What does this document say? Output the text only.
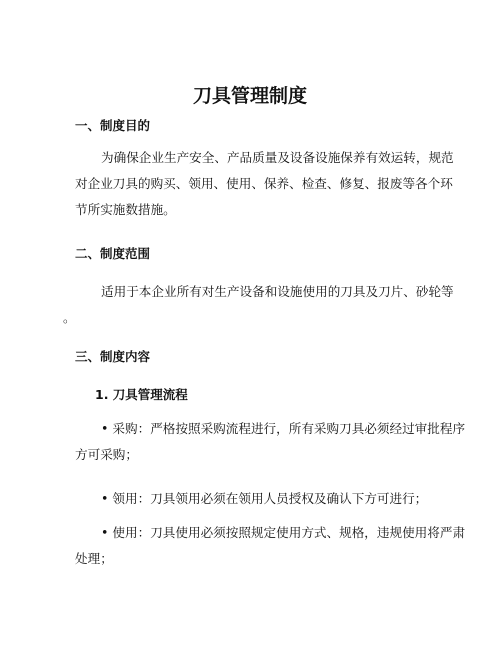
刀具管理制度
一、制度目的

为确保企业生产安全、产品质量及设备设施保养有效运转，规范
对企业刀具的购买、领用、使用、保养、检查、修复、报废等各个环
节所实施数措施。

二、制度范围

适用于本企业所有对生产设备和设施使用的刀具及刀片、砂轮等
。

三、制度内容
1. 刀具管理流程

• 采购：严格按照采购流程进行，所有采购刀具必须经过审批程序
方可采购；

• 领用：刀具领用必须在领用人员授权及确认下方可进行；

• 使用：刀具使用必须按照规定使用方式、规格，违规使用将严肃
处理；
